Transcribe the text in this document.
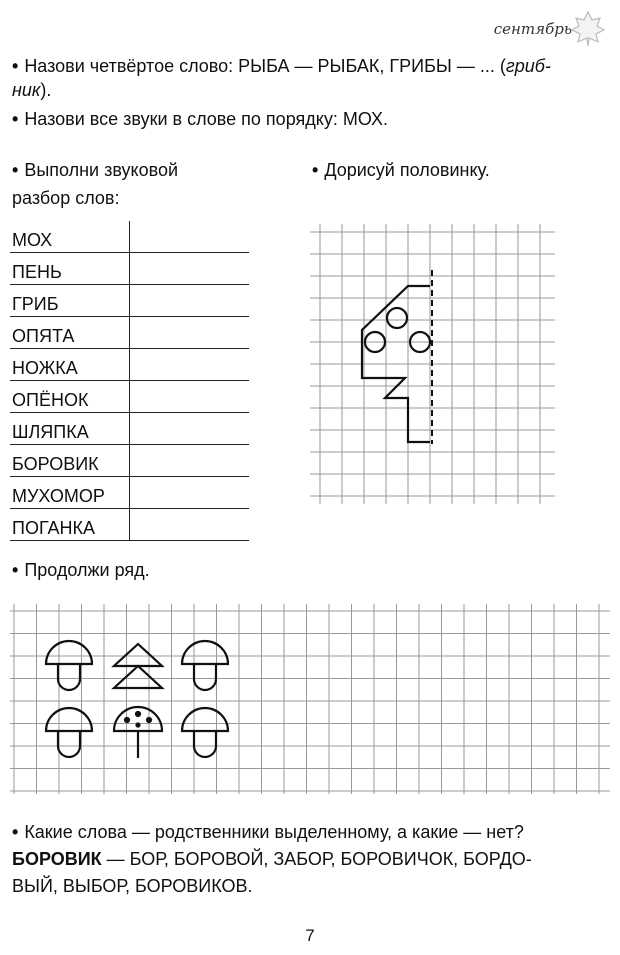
сентябрь
• Назови четвёртое слово: РЫБА — РЫБАК, ГРИБЫ — ... (гриб-
ник).
• Назови все звуки в слове по порядку: МОХ.
• Выполни звуковой
разбор слов:
МОХ	
ПЕНЬ	
ГРИБ	
ОПЯТА	
НОЖКА	
ОПЁНОК	
ШЛЯПКА	
БОРОВИК	
МУХОМОР	
ПОГАНКА	
• Дорисуй половинку.
• Продолжи ряд.
• Какие слова — родственники выделенному, а какие — нет?
БОРОВИК — БОР, БОРОВОЙ, ЗАБОР, БОРОВИЧОК, БОРДО-
ВЫЙ, ВЫБОР, БОРОВИКОВ.
7
